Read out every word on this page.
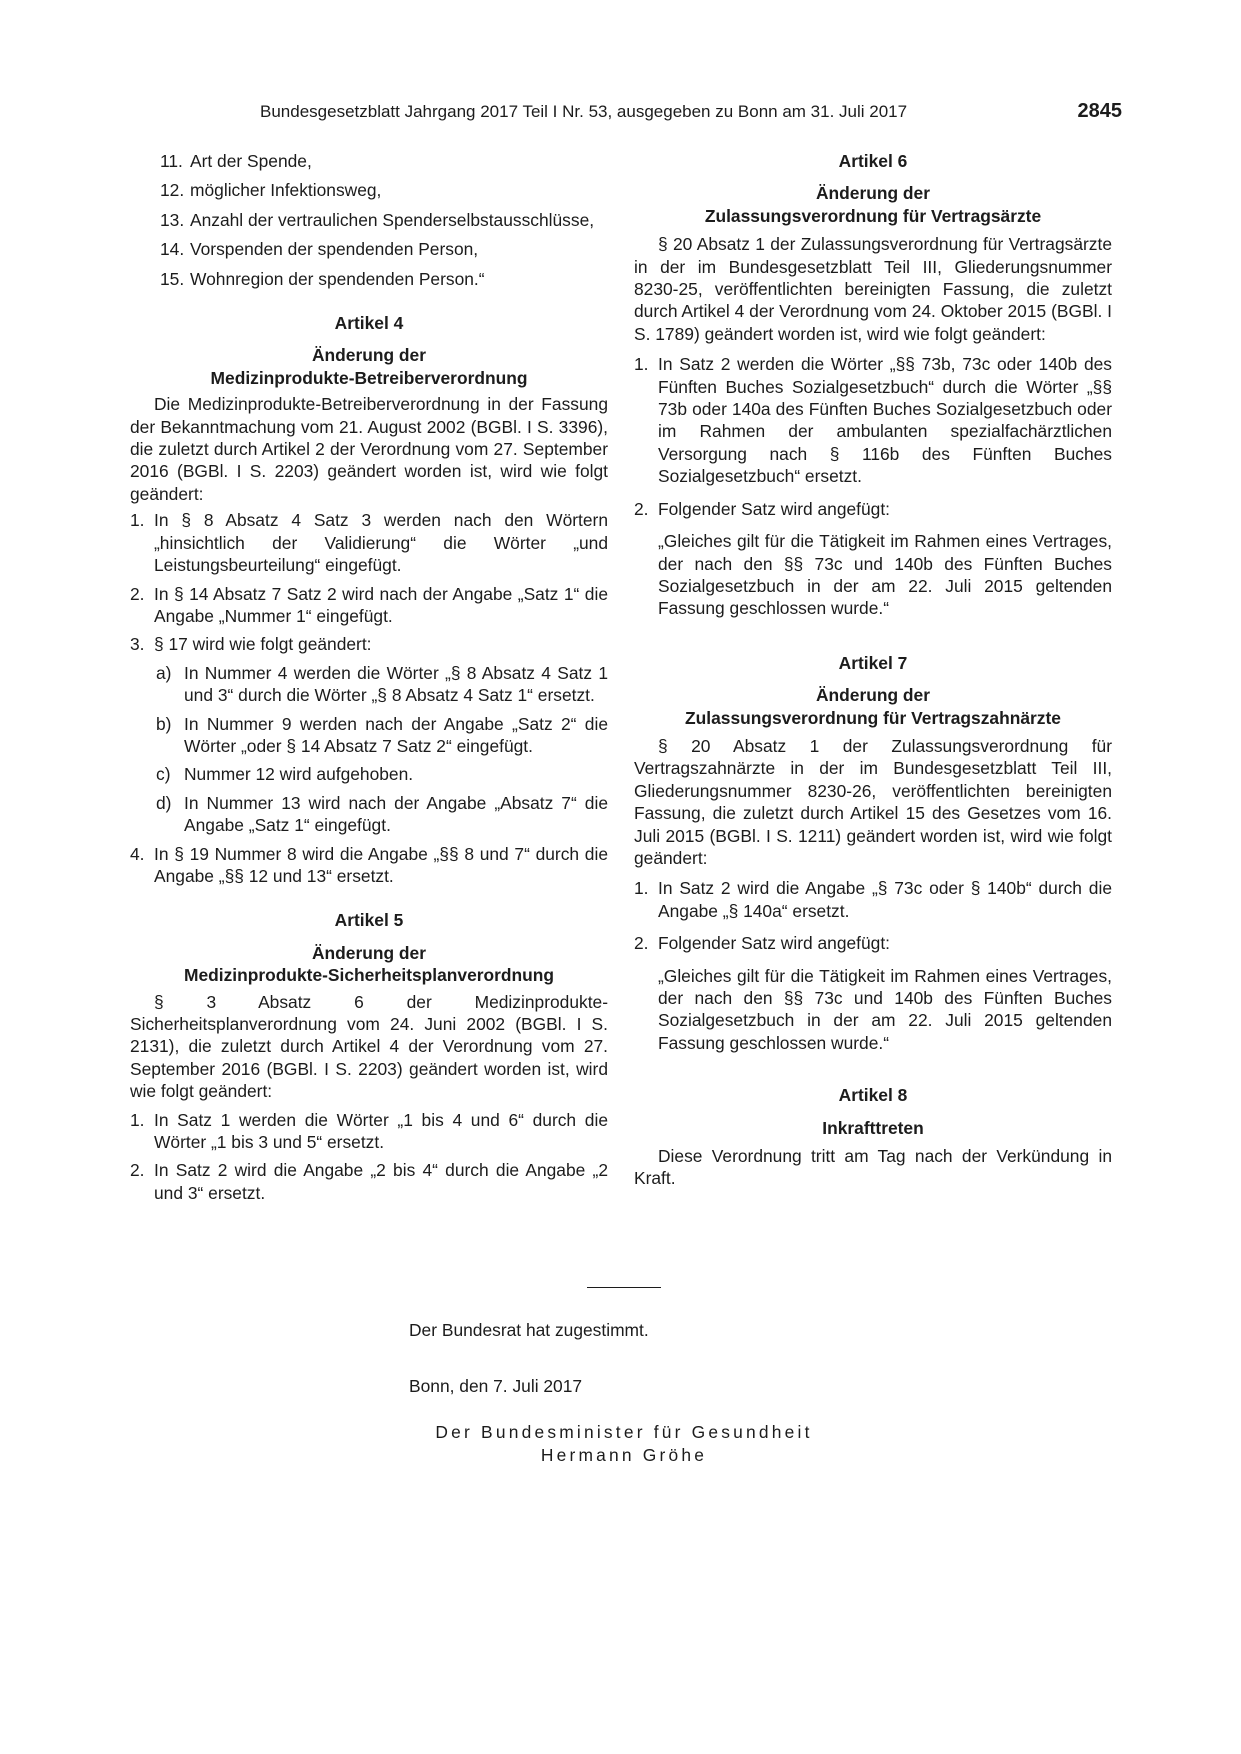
Bundesgesetzblatt Jahrgang 2017 Teil I Nr. 53, ausgegeben zu Bonn am 31. Juli 2017	2845
11. Art der Spende,
12. möglicher Infektionsweg,
13. Anzahl der vertraulichen Spenderselbstausschlüsse,
14. Vorspenden der spendenden Person,
15. Wohnregion der spendenden Person.“

Artikel 4

Änderung der

Medizinprodukte-Betreiberverordnung

Die Medizinprodukte-Betreiberverordnung in der Fassung der Bekanntmachung vom 21. August 2002 (BGBl. I S. 3396), die zuletzt durch Artikel 2 der Verordnung vom 27. September 2016 (BGBl. I S. 2203) geändert worden ist, wird wie folgt geändert:

1. In § 8 Absatz 4 Satz 3 werden nach den Wörtern „hinsichtlich der Validierung“ die Wörter „und Leistungsbeurteilung“ eingefügt.
2. In § 14 Absatz 7 Satz 2 wird nach der Angabe „Satz 1“ die Angabe „Nummer 1“ eingefügt.
3. § 17 wird wie folgt geändert:
a) In Nummer 4 werden die Wörter „§ 8 Absatz 4 Satz 1 und 3“ durch die Wörter „§ 8 Absatz 4 Satz 1“ ersetzt.
b) In Nummer 9 werden nach der Angabe „Satz 2“ die Wörter „oder § 14 Absatz 7 Satz 2“ eingefügt.
c) Nummer 12 wird aufgehoben.
d) In Nummer 13 wird nach der Angabe „Absatz 7“ die Angabe „Satz 1“ eingefügt.
4. In § 19 Nummer 8 wird die Angabe „§§ 8 und 7“ durch die Angabe „§§ 12 und 13“ ersetzt.

Artikel 5

Änderung der

Medizinprodukte-Sicherheitsplanverordnung

§ 3 Absatz 6 der Medizinprodukte-Sicherheitsplanverordnung vom 24. Juni 2002 (BGBl. I S. 2131), die zuletzt durch Artikel 4 der Verordnung vom 27. September 2016 (BGBl. I S. 2203) geändert worden ist, wird wie folgt geändert:

1. In Satz 1 werden die Wörter „1 bis 4 und 6“ durch die Wörter „1 bis 3 und 5“ ersetzt.
2. In Satz 2 wird die Angabe „2 bis 4“ durch die Angabe „2 und 3“ ersetzt.

Artikel 6

Änderung der

Zulassungsverordnung für Vertragsärzte

§ 20 Absatz 1 der Zulassungsverordnung für Vertragsärzte in der im Bundesgesetzblatt Teil III, Gliederungsnummer 8230-25, veröffentlichten bereinigten Fassung, die zuletzt durch Artikel 4 der Verordnung vom 24. Oktober 2015 (BGBl. I S. 1789) geändert worden ist, wird wie folgt geändert:

1. In Satz 2 werden die Wörter „§§ 73b, 73c oder 140b des Fünften Buches Sozialgesetzbuch“ durch die Wörter „§§ 73b oder 140a des Fünften Buches Sozialgesetzbuch oder im Rahmen der ambulanten spezialfachärztlichen Versorgung nach § 116b des Fünften Buches Sozialgesetzbuch“ ersetzt.
2. Folgender Satz wird angefügt:

„Gleiches gilt für die Tätigkeit im Rahmen eines Vertrages, der nach den §§ 73c und 140b des Fünften Buches Sozialgesetzbuch in der am 22. Juli 2015 geltenden Fassung geschlossen wurde.“

Artikel 7

Änderung der

Zulassungsverordnung für Vertragszahnärzte

§ 20 Absatz 1 der Zulassungsverordnung für Vertragszahnärzte in der im Bundesgesetzblatt Teil III, Gliederungsnummer 8230-26, veröffentlichten bereinigten Fassung, die zuletzt durch Artikel 15 des Gesetzes vom 16. Juli 2015 (BGBl. I S. 1211) geändert worden ist, wird wie folgt geändert:

1. In Satz 2 wird die Angabe „§ 73c oder § 140b“ durch die Angabe „§ 140a“ ersetzt.
2. Folgender Satz wird angefügt:

„Gleiches gilt für die Tätigkeit im Rahmen eines Vertrages, der nach den §§ 73c und 140b des Fünften Buches Sozialgesetzbuch in der am 22. Juli 2015 geltenden Fassung geschlossen wurde.“

Artikel 8

Inkrafttreten

Diese Verordnung tritt am Tag nach der Verkündung in Kraft.

Der Bundesrat hat zugestimmt.
Bonn, den 7. Juli 2017
Der Bundesminister für Gesundheit
Hermann Gröhe
